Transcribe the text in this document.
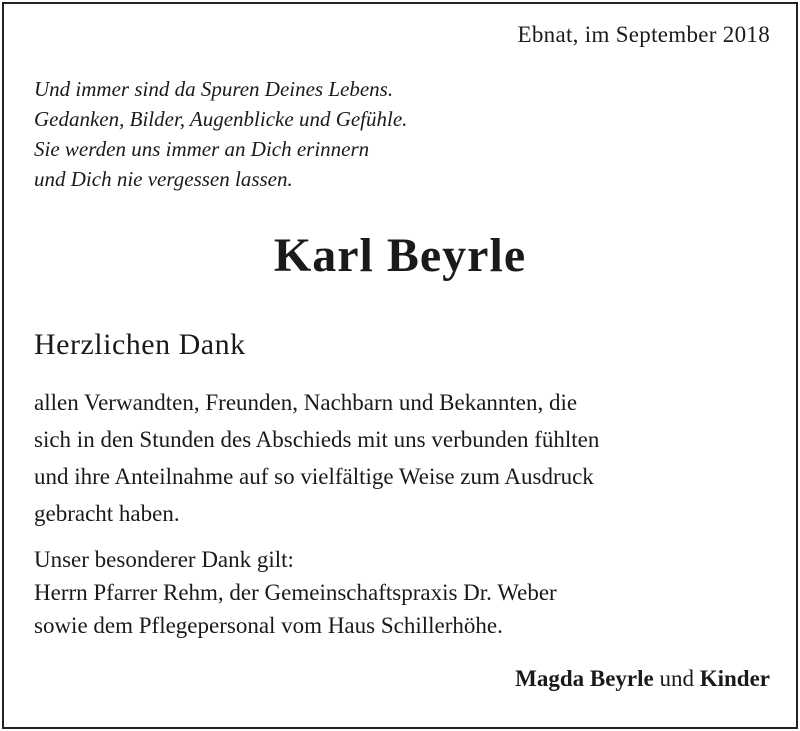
Ebnat, im September 2018
Und immer sind da Spuren Deines Lebens.
Gedanken, Bilder, Augenblicke und Gefühle.
Sie werden uns immer an Dich erinnern
und Dich nie vergessen lassen.
Karl Beyrle
Herzlichen Dank
allen Verwandten, Freunden, Nachbarn und Bekannten, die
sich in den Stunden des Abschieds mit uns verbunden fühlten
und ihre Anteilnahme auf so vielfältige Weise zum Ausdruck
gebracht haben.
Unser besonderer Dank gilt:
Herrn Pfarrer Rehm, der Gemeinschaftspraxis Dr. Weber
sowie dem Pflegepersonal vom Haus Schillerhöhe.
Magda Beyrle und Kinder
